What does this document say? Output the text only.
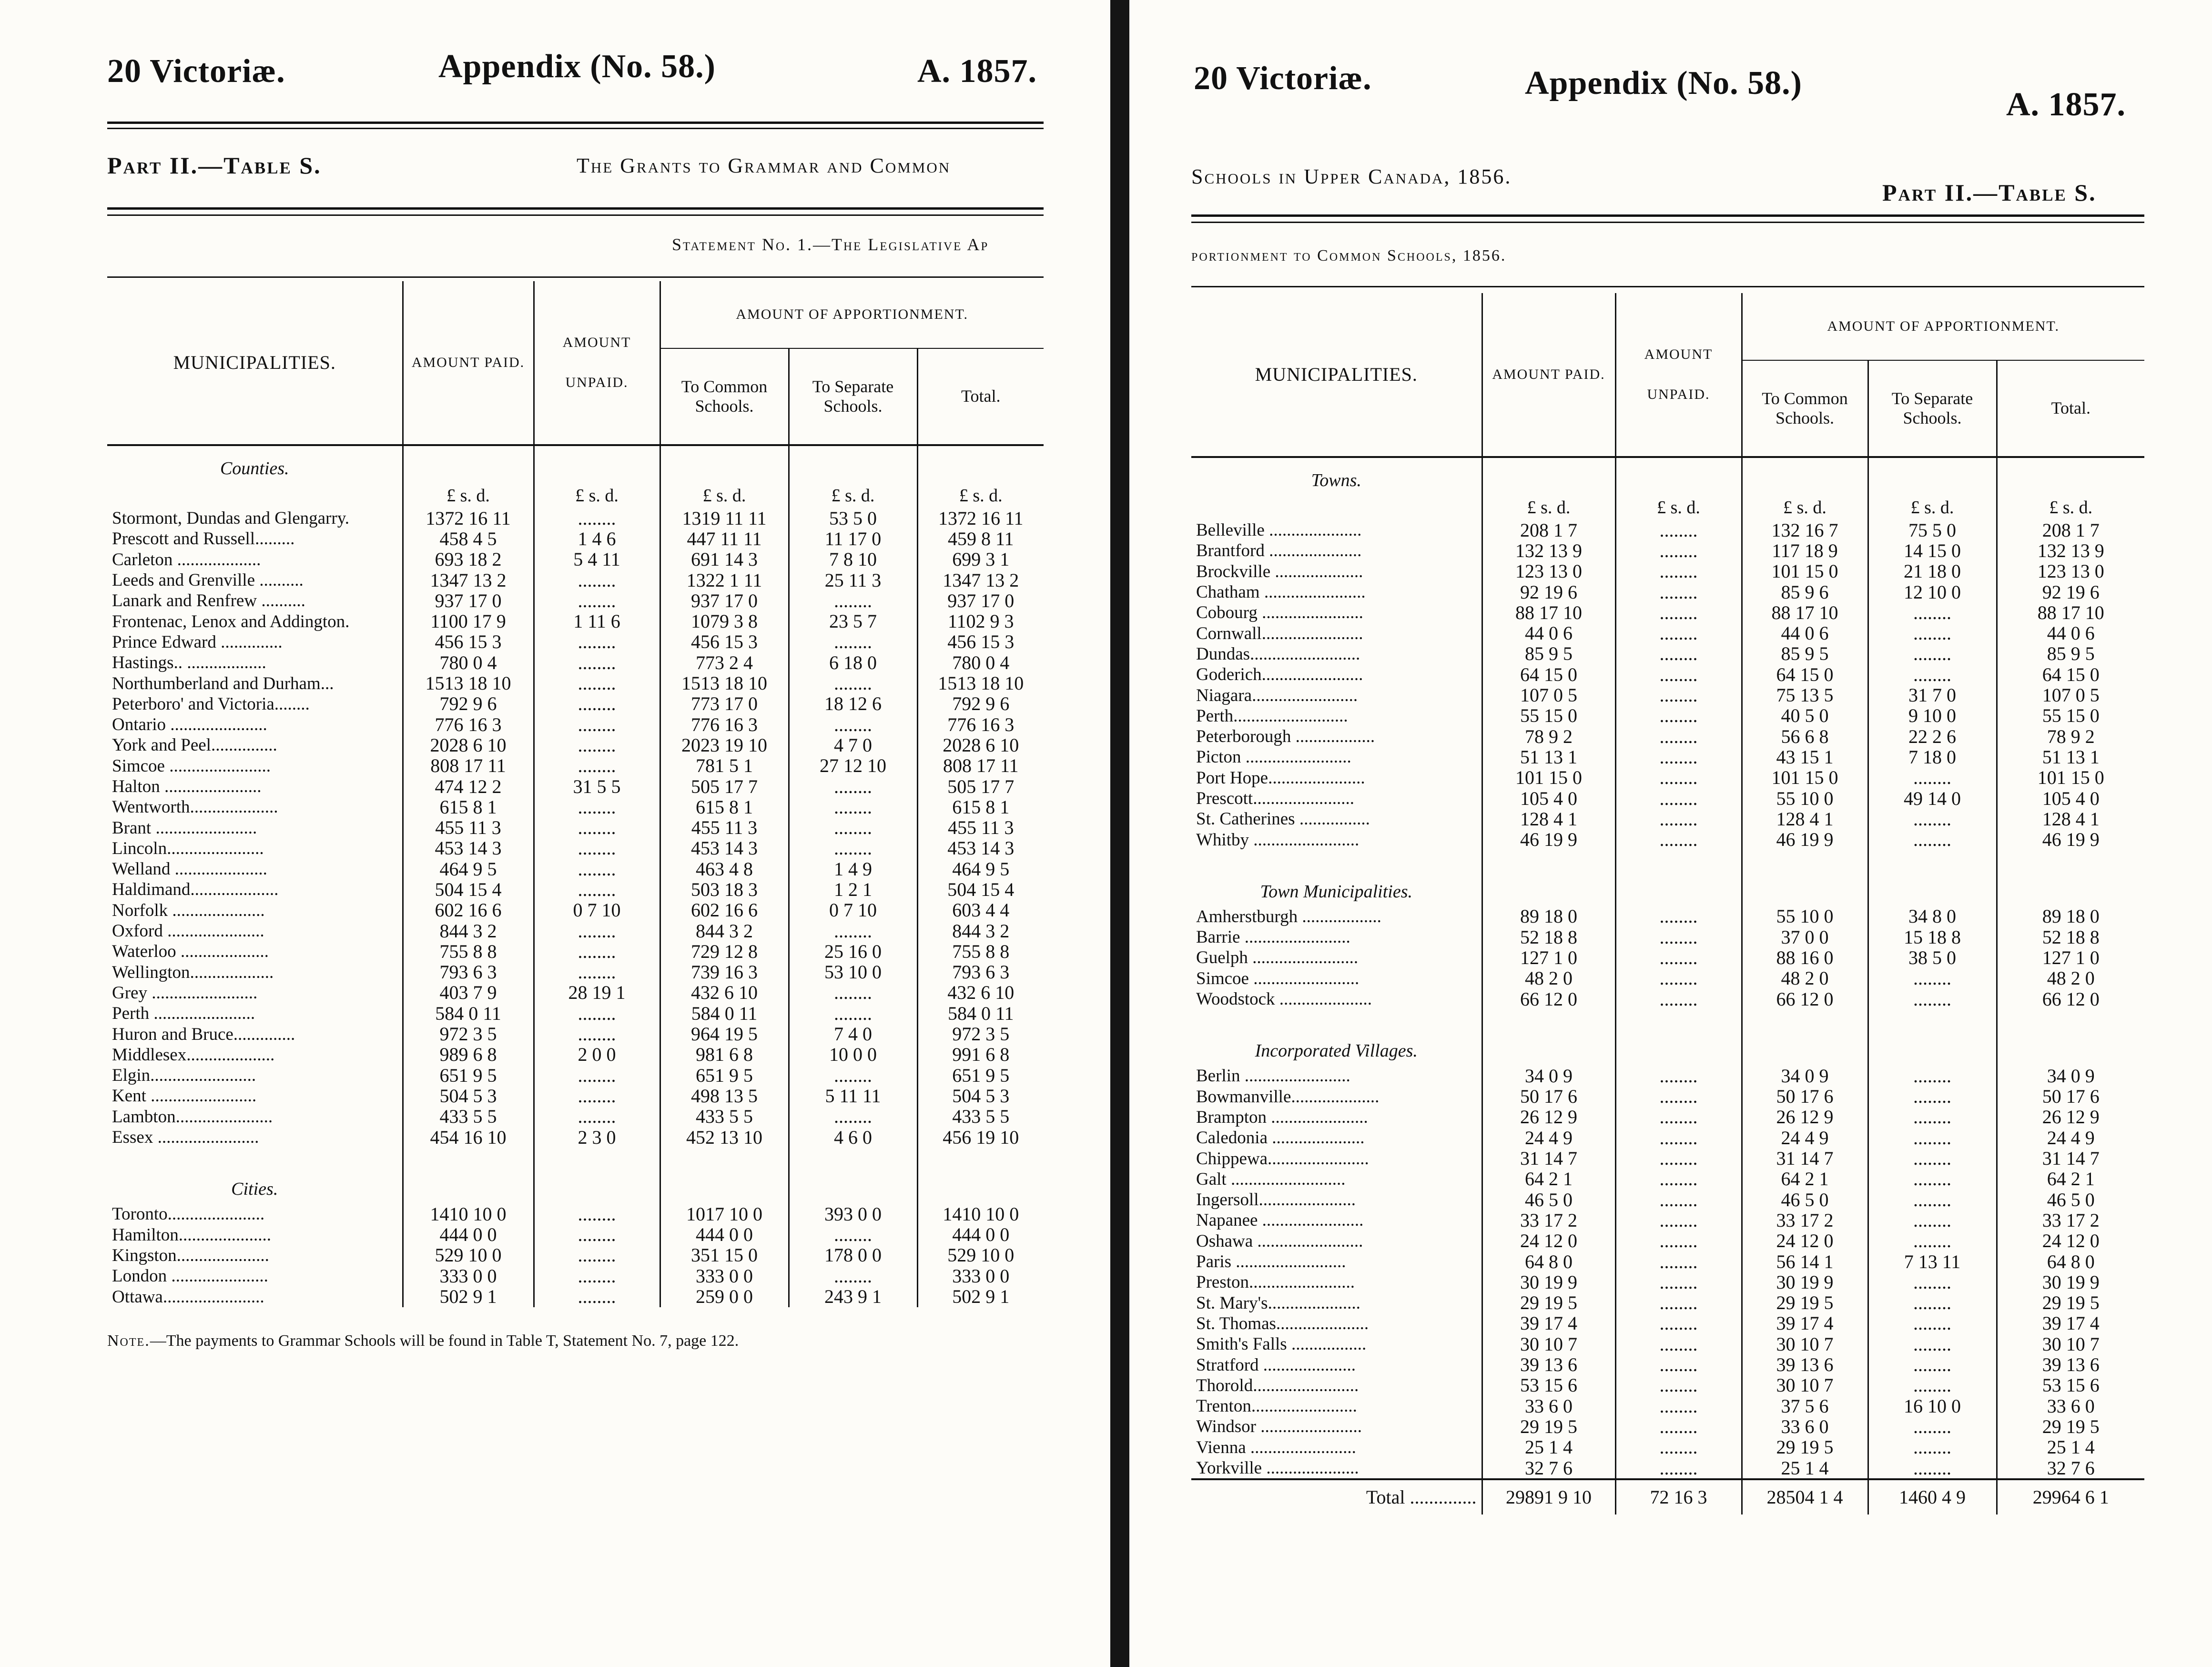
20 Victoriæ.	Appendix (No. 58.)	A. 1857.
Part II.—Table S.	The Grants to Grammar and Common
Statement No. 1.—The Legislative Ap
MUNICIPALITIES.	AMOUNT PAID.	AMOUNT
UNPAID.	AMOUNT OF APPORTIONMENT.		
			To Common Schools.	To Separate Schools.	Total.
Counties.					
	£ s. d.	£ s. d.	£ s. d.	£ s. d.	£ s. d.
Stormont, Dundas and Glengarry.	1372 16 11	........	1319 11 11	53 5 0	1372 16 11
Prescott and Russell.........	458 4 5	1 4 6	447 11 11	11 17 0	459 8 11
Carleton ...................	693 18 2	5 4 11	691 14 3	7 8 10	699 3 1
Leeds and Grenville ..........	1347 13 2	........	1322 1 11	25 11 3	1347 13 2
Lanark and Renfrew ..........	937 17 0	........	937 17 0	........	937 17 0
Frontenac, Lenox and Addington.	1100 17 9	1 11 6	1079 3 8	23 5 7	1102 9 3
Prince Edward ..............	456 15 3	........	456 15 3	........	456 15 3
Hastings.. ..................	780 0 4	........	773 2 4	6 18 0	780 0 4
Northumberland and Durham...	1513 18 10	........	1513 18 10	........	1513 18 10
Peterboro' and Victoria........	792 9 6	........	773 17 0	18 12 6	792 9 6
Ontario ......................	776 16 3	........	776 16 3	........	776 16 3
York and Peel...............	2028 6 10	........	2023 19 10	4 7 0	2028 6 10
Simcoe .......................	808 17 11	........	781 5 1	27 12 10	808 17 11
Halton ......................	474 12 2	31 5 5	505 17 7	........	505 17 7
Wentworth....................	615 8 1	........	615 8 1	........	615 8 1
Brant .......................	455 11 3	........	455 11 3	........	455 11 3
Lincoln......................	453 14 3	........	453 14 3	........	453 14 3
Welland .....................	464 9 5	........	463 4 8	1 4 9	464 9 5
Haldimand....................	504 15 4	........	503 18 3	1 2 1	504 15 4
Norfolk .....................	602 16 6	0 7 10	602 16 6	0 7 10	603 4 4
Oxford ......................	844 3 2	........	844 3 2	........	844 3 2
Waterloo ....................	755 8 8	........	729 12 8	25 16 0	755 8 8
Wellington...................	793 6 3	........	739 16 3	53 10 0	793 6 3
Grey ........................	403 7 9	28 19 1	432 6 10	........	432 6 10
Perth .......................	584 0 11	........	584 0 11	........	584 0 11
Huron and Bruce..............	972 3 5	........	964 19 5	7 4 0	972 3 5
Middlesex....................	989 6 8	2 0 0	981 6 8	10 0 0	991 6 8
Elgin........................	651 9 5	........	651 9 5	........	651 9 5
Kent ........................	504 5 3	........	498 13 5	5 11 11	504 5 3
Lambton......................	433 5 5	........	433 5 5	........	433 5 5
Essex .......................	454 16 10	2 3 0	452 13 10	4 6 0	456 19 10

Cities.					
Toronto......................	1410 10 0	........	1017 10 0	393 0 0	1410 10 0
Hamilton.....................	444 0 0	........	444 0 0	........	444 0 0
Kingston.....................	529 10 0	........	351 15 0	178 0 0	529 10 0
London ......................	333 0 0	........	333 0 0	........	333 0 0
Ottawa.......................	502 9 1	........	259 0 0	243 9 1	502 9 1
Note.—The payments to Grammar Schools will be found in Table T, Statement No. 7, page 122.
20 Victoriæ.	Appendix (No. 58.)
A. 1857.
Schools in Upper Canada, 1856.
Part II.—Table S.
portionment to Common Schools, 1856.
MUNICIPALITIES.	AMOUNT PAID.	AMOUNT
UNPAID.	AMOUNT OF APPORTIONMENT.		
			To Common Schools.	To Separate Schools.	Total.
Towns.					
	£ s. d.	£ s. d.	£ s. d.	£ s. d.	£ s. d.
Belleville .....................	208 1 7	........	132 16 7	75 5 0	208 1 7
Brantford .....................	132 13 9	........	117 18 9	14 15 0	132 13 9
Brockville ....................	123 13 0	........	101 15 0	21 18 0	123 13 0
Chatham .......................	92 19 6	........	85 9 6	12 10 0	92 19 6
Cobourg .......................	88 17 10	........	88 17 10	........	88 17 10
Cornwall.......................	44 0 6	........	44 0 6	........	44 0 6
Dundas.........................	85 9 5	........	85 9 5	........	85 9 5
Goderich.......................	64 15 0	........	64 15 0	........	64 15 0
Niagara........................	107 0 5	........	75 13 5	31 7 0	107 0 5
Perth..........................	55 15 0	........	40 5 0	9 10 0	55 15 0
Peterborough ..................	78 9 2	........	56 6 8	22 2 6	78 9 2
Picton ........................	51 13 1	........	43 15 1	7 18 0	51 13 1
Port Hope......................	101 15 0	........	101 15 0	........	101 15 0
Prescott.......................	105 4 0	........	55 10 0	49 14 0	105 4 0
St. Catherines ................	128 4 1	........	128 4 1	........	128 4 1
Whitby ........................	46 19 9	........	46 19 9	........	46 19 9

Town Municipalities.					
Amherstburgh ..................	89 18 0	........	55 10 0	34 8 0	89 18 0
Barrie ........................	52 18 8	........	37 0 0	15 18 8	52 18 8
Guelph ........................	127 1 0	........	88 16 0	38 5 0	127 1 0
Simcoe ........................	48 2 0	........	48 2 0	........	48 2 0
Woodstock .....................	66 12 0	........	66 12 0	........	66 12 0

Incorporated Villages.					
Berlin ........................	34 0 9	........	34 0 9	........	34 0 9
Bowmanville....................	50 17 6	........	50 17 6	........	50 17 6
Brampton ......................	26 12 9	........	26 12 9	........	26 12 9
Caledonia .....................	24 4 9	........	24 4 9	........	24 4 9
Chippewa.......................	31 14 7	........	31 14 7	........	31 14 7
Galt ..........................	64 2 1	........	64 2 1	........	64 2 1
Ingersoll......................	46 5 0	........	46 5 0	........	46 5 0
Napanee .......................	33 17 2	........	33 17 2	........	33 17 2
Oshawa ........................	24 12 0	........	24 12 0	........	24 12 0
Paris .........................	64 8 0	........	56 14 1	7 13 11	64 8 0
Preston........................	30 19 9	........	30 19 9	........	30 19 9
St. Mary's.....................	29 19 5	........	29 19 5	........	29 19 5
St. Thomas.....................	39 17 4	........	39 17 4	........	39 17 4
Smith's Falls .................	30 10 7	........	30 10 7	........	30 10 7
Stratford .....................	39 13 6	........	39 13 6	........	39 13 6
Thorold........................	53 15 6	........	30 10 7	........	53 15 6
Trenton........................	33 6 0	........	37 5 6	16 10 0	33 6 0
Windsor .......................	29 19 5	........	33 6 0	........	29 19 5
Vienna ........................	25 1 4	........	29 19 5	........	25 1 4
Yorkville .....................	32 7 6	........	25 1 4	........	32 7 6
Total ..............	29891 9 10	72 16 3	28504 1 4	1460 4 9	29964 6 1
